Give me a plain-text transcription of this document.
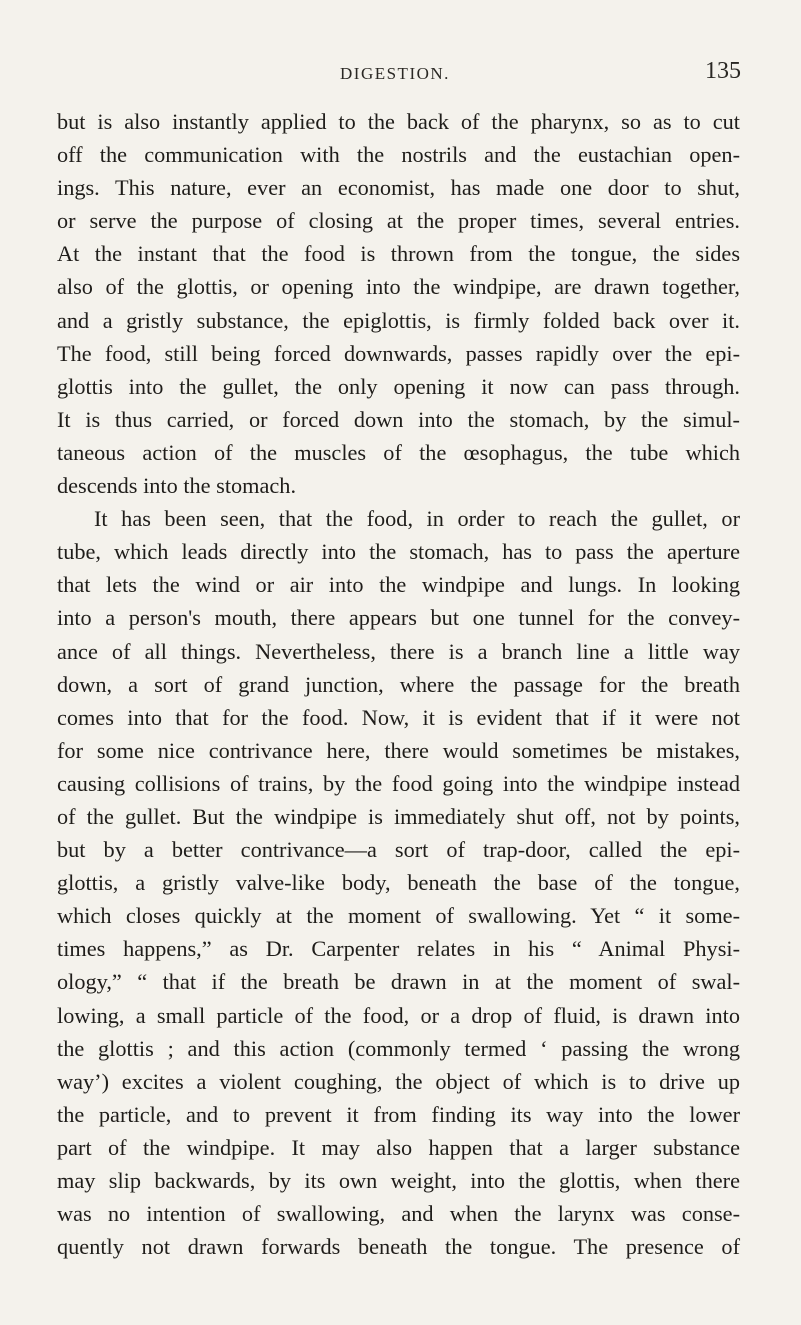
DIGESTION.	135
but is also instantly applied to the back of the pharynx, so as to cut
off the communication with the nostrils and the eustachian open-
ings. This nature, ever an economist, has made one door to shut,
or serve the purpose of closing at the proper times, several entries.
At the instant that the food is thrown from the tongue, the sides
also of the glottis, or opening into the windpipe, are drawn together,
and a gristly substance, the epiglottis, is firmly folded back over it.
The food, still being forced downwards, passes rapidly over the epi-
glottis into the gullet, the only opening it now can pass through.
It is thus carried, or forced down into the stomach, by the simul-
taneous action of the muscles of the œsophagus, the tube which
descends into the stomach.
It has been seen, that the food, in order to reach the gullet, or
tube, which leads directly into the stomach, has to pass the aperture
that lets the wind or air into the windpipe and lungs. In looking
into a person's mouth, there appears but one tunnel for the convey-
ance of all things. Nevertheless, there is a branch line a little way
down, a sort of grand junction, where the passage for the breath
comes into that for the food. Now, it is evident that if it were not
for some nice contrivance here, there would sometimes be mistakes,
causing collisions of trains, by the food going into the windpipe instead
of the gullet. But the windpipe is immediately shut off, not by points,
but by a better contrivance—a sort of trap-door, called the epi-
glottis, a gristly valve-like body, beneath the base of the tongue,
which closes quickly at the moment of swallowing. Yet “ it some-
times happens,” as Dr. Carpenter relates in his “ Animal Physi-
ology,” “ that if the breath be drawn in at the moment of swal-
lowing, a small particle of the food, or a drop of fluid, is drawn into
the glottis ; and this action (commonly termed ‘ passing the wrong
way’) excites a violent coughing, the object of which is to drive up
the particle, and to prevent it from finding its way into the lower
part of the windpipe. It may also happen that a larger substance
may slip backwards, by its own weight, into the glottis, when there
was no intention of swallowing, and when the larynx was conse-
quently not drawn forwards beneath the tongue. The presence of
